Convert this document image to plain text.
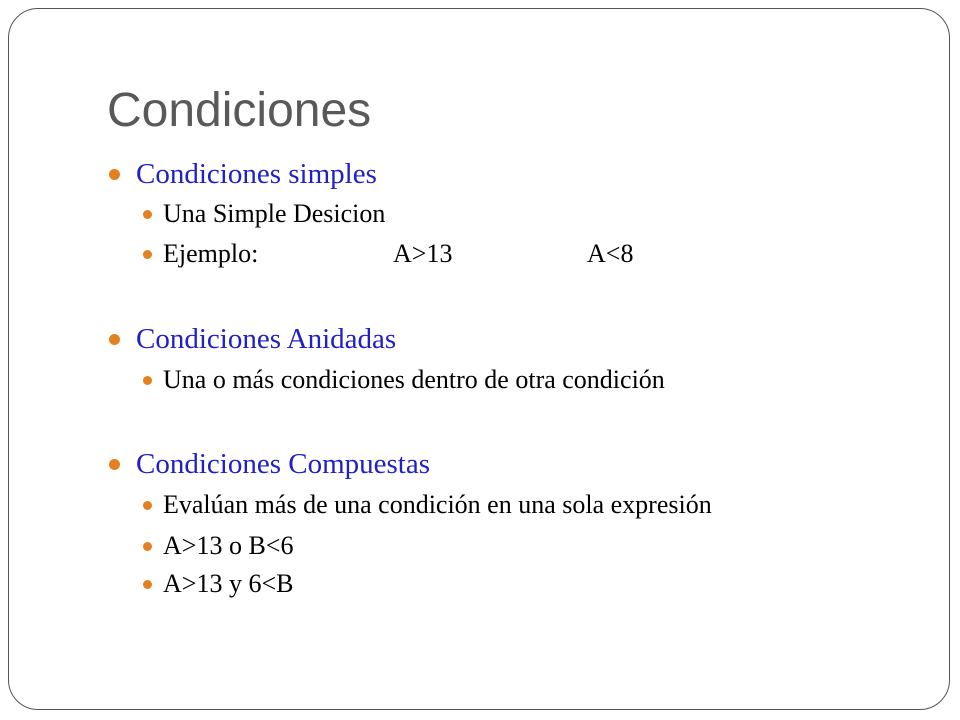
Condiciones
Condiciones simples
Una Simple Desicion
Ejemplo:	A>13	A<8
Condiciones Anidadas
Una o más condiciones dentro de otra condición
Condiciones Compuestas
Evalúan más de una condición en una sola expresión
A>13 o B<6
A>13 y 6<B
